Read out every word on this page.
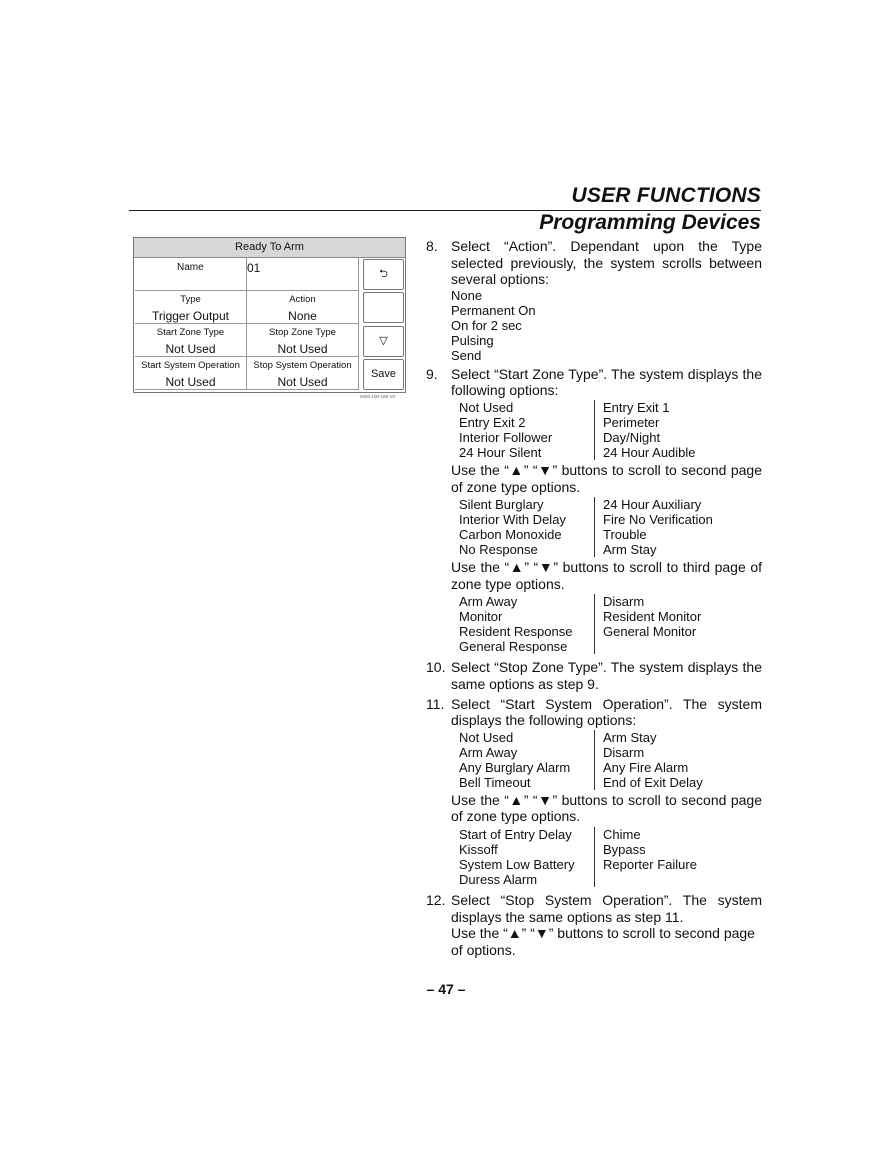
USER FUNCTIONS
Programming Devices
Ready To Arm
Name	01
Type
Trigger Output
Action
None
Start Zone Type
Not Used
Stop Zone Type
Not Used
Start System Operation
Not Used
Stop System Operation
Not Used
⮌
▽
Save
5000-100-189-V0
8. Select “Action”. Dependant upon the Type selected previously, the system scrolls between several options:
None
Permanent On
On for 2 sec
Pulsing
Send
9. Select “Start Zone Type”. The system displays the following options:
Not Used
Entry Exit 2
Interior Follower
24 Hour Silent
Entry Exit 1
Perimeter
Day/Night
24 Hour Audible
Use the “▲” “▼” buttons to scroll to second page of zone type options.
Silent Burglary
Interior With Delay
Carbon Monoxide
No Response
24 Hour Auxiliary
Fire No Verification
Trouble
Arm Stay
Use the “▲” “▼” buttons to scroll to third page of zone type options.
Arm Away
Monitor
Resident Response
General Response
Disarm
Resident Monitor
General Monitor
10. Select “Stop Zone Type”. The system displays the same options as step 9.
11. Select “Start System Operation”. The system displays the following options:
Not Used
Arm Away
Any Burglary Alarm
Bell Timeout
Arm Stay
Disarm
Any Fire Alarm
End of Exit Delay
Use the “▲” “▼” buttons to scroll to second page of zone type options.
Start of Entry Delay
Kissoff
System Low Battery
Duress Alarm
Chime
Bypass
Reporter Failure
12. Select “Stop System Operation”. The system displays the same options as step 11.
Use the “▲” “▼” buttons to scroll to second page of options.
– 47 –
